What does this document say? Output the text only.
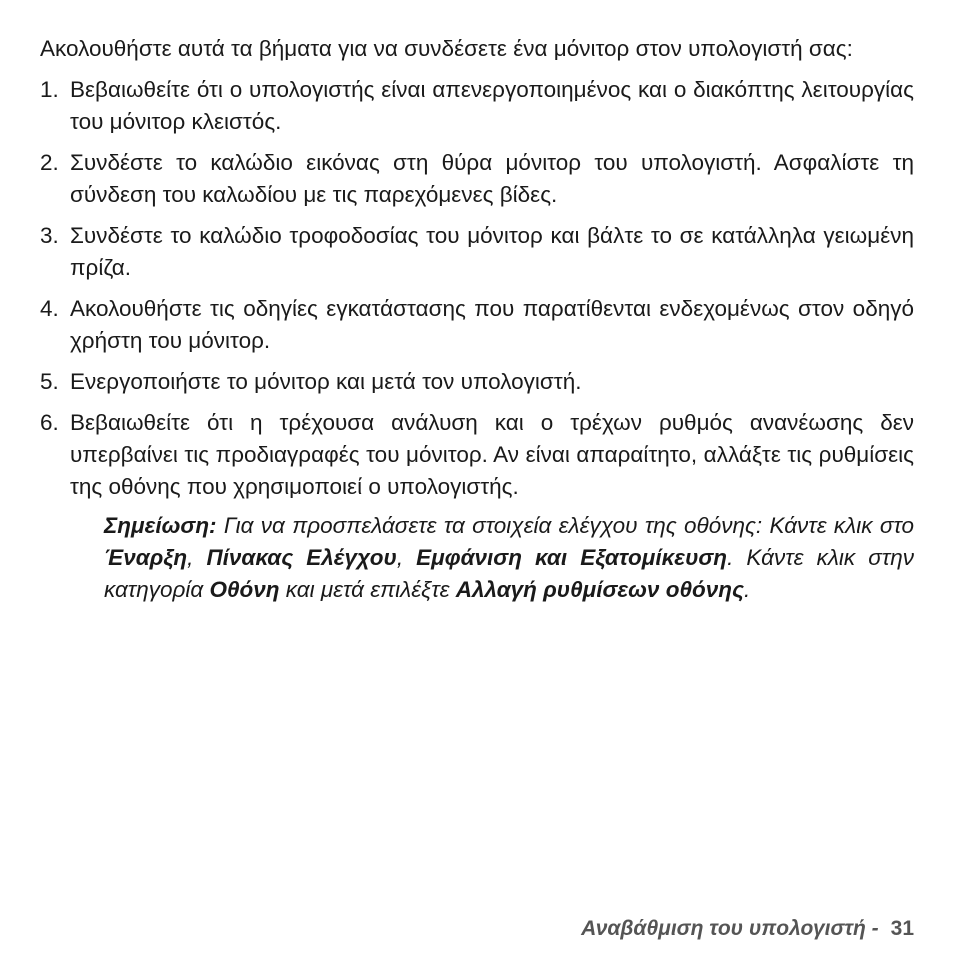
Ακολουθήστε αυτά τα βήματα για να συνδέσετε ένα μόνιτορ στον υπολογιστή σας:

1. Βεβαιωθείτε ότι ο υπολογιστής είναι απενεργοποιημένος και ο διακόπτης λειτουργίας του μόνιτορ κλειστός.
2. Συνδέστε το καλώδιο εικόνας στη θύρα μόνιτορ του υπολογιστή. Ασφαλίστε τη σύνδεση του καλωδίου με τις παρεχόμενες βίδες.
3. Συνδέστε το καλώδιο τροφοδοσίας του μόνιτορ και βάλτε το σε κατάλληλα γειωμένη πρίζα.
4. Ακολουθήστε τις οδηγίες εγκατάστασης που παρατίθενται ενδεχομένως στον οδηγό χρήστη του μόνιτορ.
5. Ενεργοποιήστε το μόνιτορ και μετά τον υπολογιστή.
6. Βεβαιωθείτε ότι η τρέχουσα ανάλυση και ο τρέχων ρυθμός ανανέωσης δεν υπερβαίνει τις προδιαγραφές του μόνιτορ. Αν είναι απαραίτητο, αλλάξτε τις ρυθμίσεις της οθόνης που χρησιμοποιεί ο υπολογιστής.

Σημείωση: Για να προσπελάσετε τα στοιχεία ελέγχου της οθόνης: Κάντε κλικ στο Έναρξη, Πίνακας Ελέγχου, Εμφάνιση και Εξατομίκευση. Κάντε κλικ στην κατηγορία Οθόνη και μετά επιλέξτε Αλλαγή ρυθμίσεων οθόνης.

Αναβάθμιση του υπολογιστή - 31
